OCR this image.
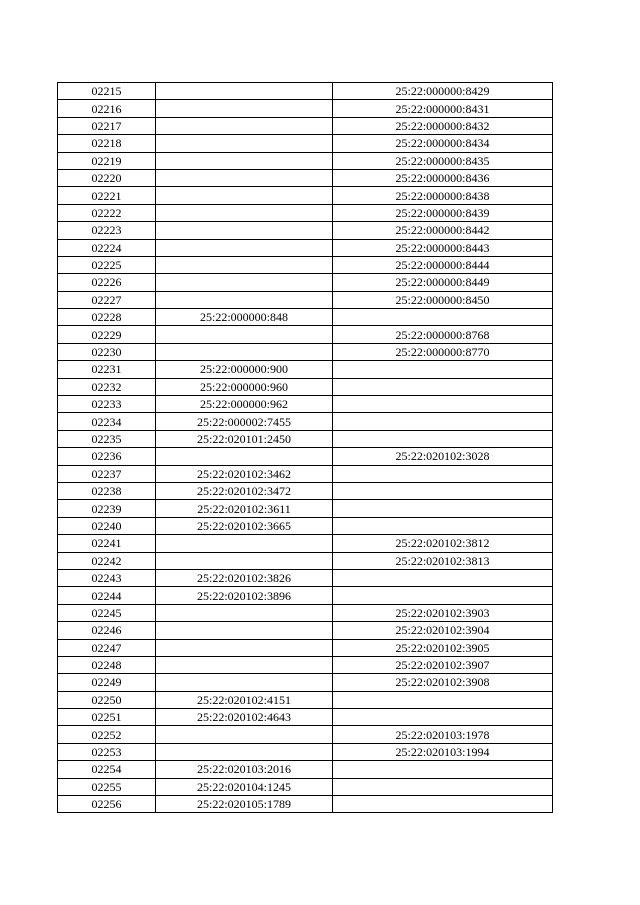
02215		25:22:000000:8429
02216		25:22:000000:8431
02217		25:22:000000:8432
02218		25:22:000000:8434
02219		25:22:000000:8435
02220		25:22:000000:8436
02221		25:22:000000:8438
02222		25:22:000000:8439
02223		25:22:000000:8442
02224		25:22:000000:8443
02225		25:22:000000:8444
02226		25:22:000000:8449
02227		25:22:000000:8450
02228	25:22:000000:848	
02229		25:22:000000:8768
02230		25:22:000000:8770
02231	25:22:000000:900	
02232	25:22:000000:960	
02233	25:22:000000:962	
02234	25:22:000002:7455	
02235	25:22:020101:2450	
02236		25:22:020102:3028
02237	25:22:020102:3462	
02238	25:22:020102:3472	
02239	25:22:020102:3611	
02240	25:22:020102:3665	
02241		25:22:020102:3812
02242		25:22:020102:3813
02243	25:22:020102:3826	
02244	25:22:020102:3896	
02245		25:22:020102:3903
02246		25:22:020102:3904
02247		25:22:020102:3905
02248		25:22:020102:3907
02249		25:22:020102:3908
02250	25:22:020102:4151	
02251	25:22:020102:4643	
02252		25:22:020103:1978
02253		25:22:020103:1994
02254	25:22:020103:2016	
02255	25:22:020104:1245	
02256	25:22:020105:1789	
